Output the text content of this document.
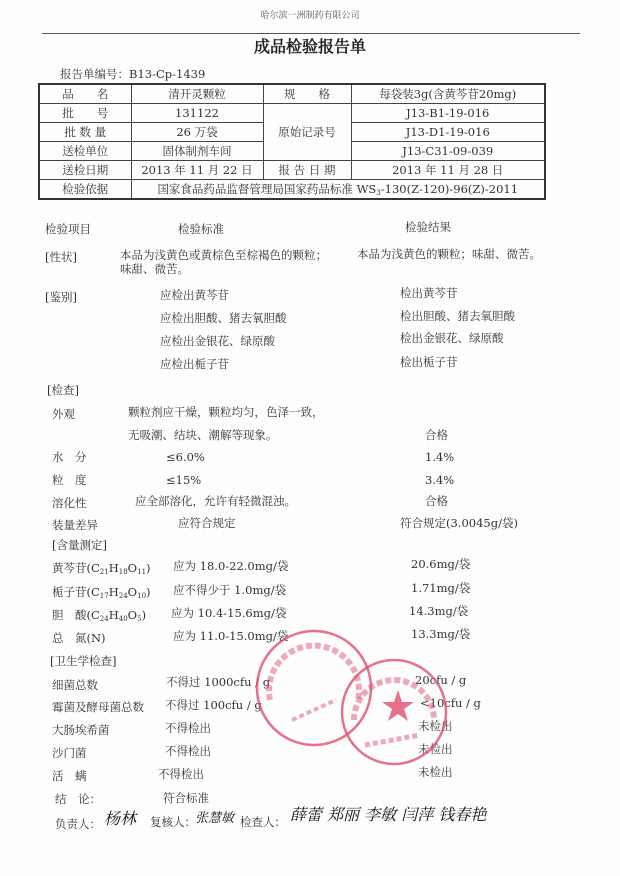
哈尔滨一洲制药有限公司
成品检验报告单
报告单编号：B13-Cp-1439
品　　名	清开灵颗粒	规　　格	每袋装3g(含黄芩苷20mg)
批　　号	131122	原始记录号	J13-B1-19-016
批 数 量	26 万袋		J13-D1-19-016
送检单位	固体制剂车间		J13-C31-09-039
送检日期	2013 年 11 月 22 日	报 告 日 期	2013 年 11 月 28 日
检验依据	国家食品药品监督管理局国家药品标准 $WS_3-130(Z-120)-96(Z)-2011$		
检验项目	检验标准	检验结果
[性状]	本品为浅黄色或黄棕色至棕褐色的颗粒；
味甜、微苦。
本品为浅黄色的颗粒；味甜、微苦。
[鉴别]	应检出黄芩苷	检出黄芩苷
应检出胆酸、猪去氧胆酸	检出胆酸、猪去氧胆酸
应检出金银花、绿原酸	检出金银花、绿原酸
应检出栀子苷	检出栀子苷
[检查]
外观	颗粒剂应干燥，颗粒均匀，色泽一致，
无吸潮、结块、潮解等现象。	合格
水　分	≤6.0%	1.4%
粒　度	≤15%	3.4%
溶化性	应全部溶化，允许有轻微混浊。	合格
装量差异	应符合规定	符合规定(3.0045g/袋)
[含量测定]
黄芩苷$(C_{21}H_{18}O_{11})$ 应为 18.0-22.0mg/袋	20.6mg/袋
栀子苷$(C_{17}H_{24}O_{10})$ 应不得少于 1.0mg/袋	1.71mg/袋
胆　酸$(C_{24}H_{40}O_5)$ 应为 10.4-15.6mg/袋	14.3mg/袋
总　氮(N)	应为 11.0-15.0mg/袋	13.3mg/袋
[卫生学检查]
细菌总数	不得过 1000cfu / g	20cfu / g
霉菌及酵母菌总数 不得过 100cfu / g	<10cfu / g
大肠埃希菌	不得检出	未检出
沙门菌	不得检出	未检出
活　螨	不得检出	未检出
结　论：	符合标准
负责人： 杨林 复核人： 张慧敏 检查人： 薛蕾 郑丽 李敏 闫萍 钱春艳
